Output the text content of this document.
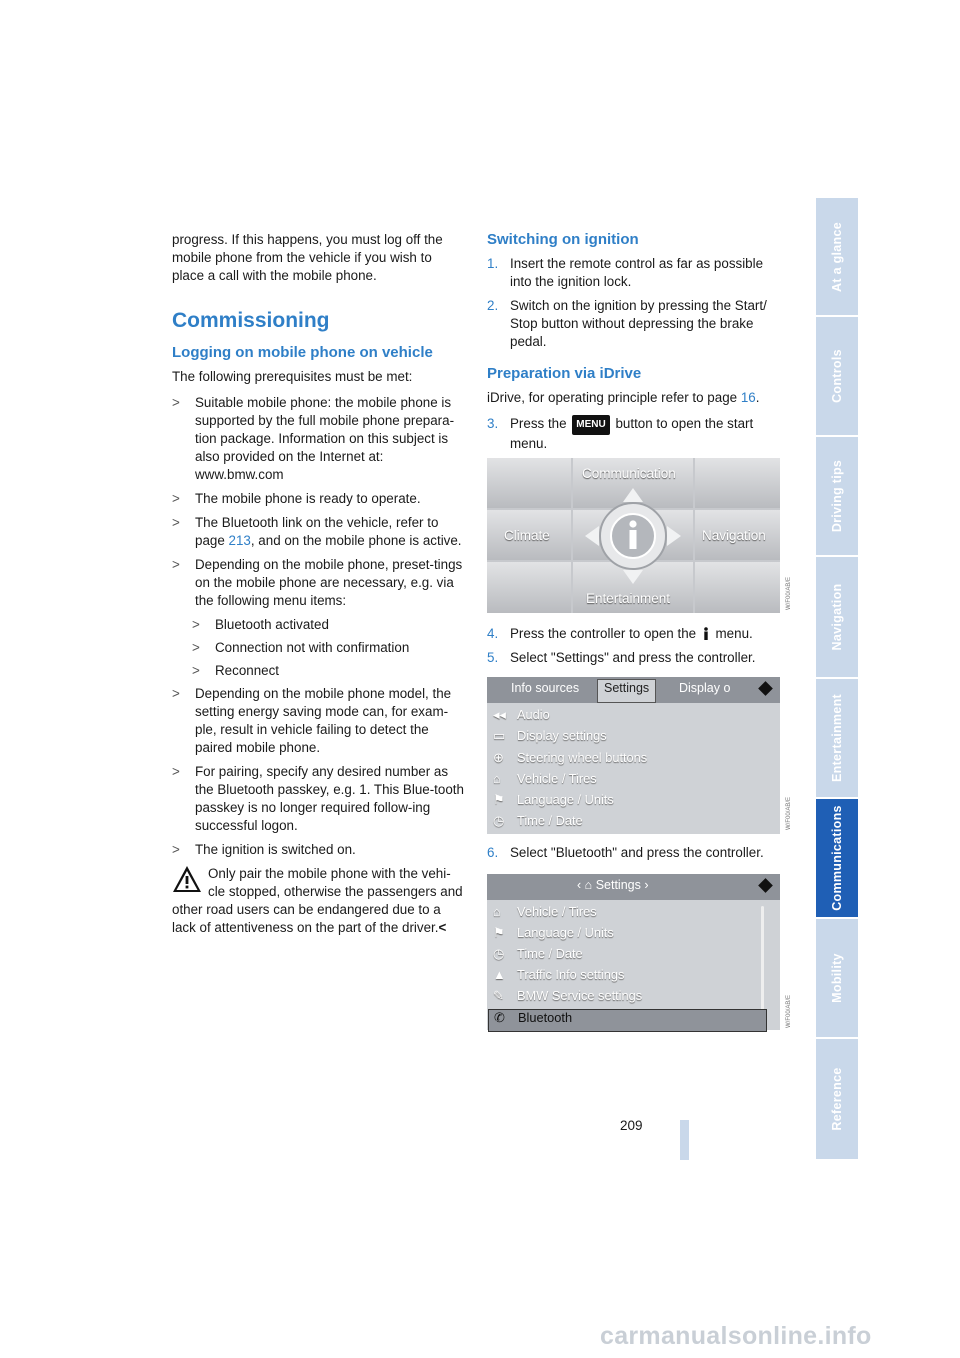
progress. If this happens, you must log off the mobile phone from the vehicle if you wish to place a call with the mobile phone.

Commissioning
Logging on mobile phone on vehicle

The following prerequisites must be met:

> Suitable mobile phone: the mobile phone is supported by the full mobile phone prepara-tion package. Information on this subject is also provided on the Internet at: www.bmw.com
> The mobile phone is ready to operate.
> The Bluetooth link on the vehicle, refer to page 213, and on the mobile phone is active.
> Depending on the mobile phone, preset-tings on the mobile phone are necessary, e.g. via the following menu items:
> Bluetooth activated
> Connection not with confirmation
> Reconnect
> Depending on the mobile phone model, the setting energy saving mode can, for exam-ple, result in vehicle failing to detect the paired mobile phone.
> For pairing, specify any desired number as the Bluetooth passkey, e.g. 1. This Blue-tooth passkey is no longer required follow-ing successful logon.
> The ignition is switched on.
Only pair the mobile phone with the vehi-cle stopped, otherwise the passengers and other road users can be endangered due to a lack of attentiveness on the part of the driver.<
Switching on ignition
1. Insert the remote control as far as possible into the ignition lock.
2. Switch on the ignition by pressing the Start/ Stop button without depressing the brake pedal.
Preparation via iDrive

iDrive, for operating principle refer to page 16.

3. Press the MENU button to open the start menu.
4. Press the controller to open the  menu.
5. Select "Settings" and press the controller.
6. Select "Bluetooth" and press the controller.
Communication
Climate	Navigation
Entertainment
Info sources	Settings	Display o
◂◂ Audio
▭ Display settings
⊕ Steering wheel buttons
⌂ Vehicle / Tires
⚑ Language / Units
◷ Time / Date
‹ ⌂ Settings ›
⌂ Vehicle / Tires
⚑ Language / Units
◷ Time / Date
▲ Traffic Info settings
✎ BMW Service settings
✆ Bluetooth
W/F00/AB/E
W/F00/AB/E
W/F00/AB/E
At a glance
Controls
Driving tips
Navigation
Entertainment
Communications
Mobility
Reference
209
carmanualsonline.info
